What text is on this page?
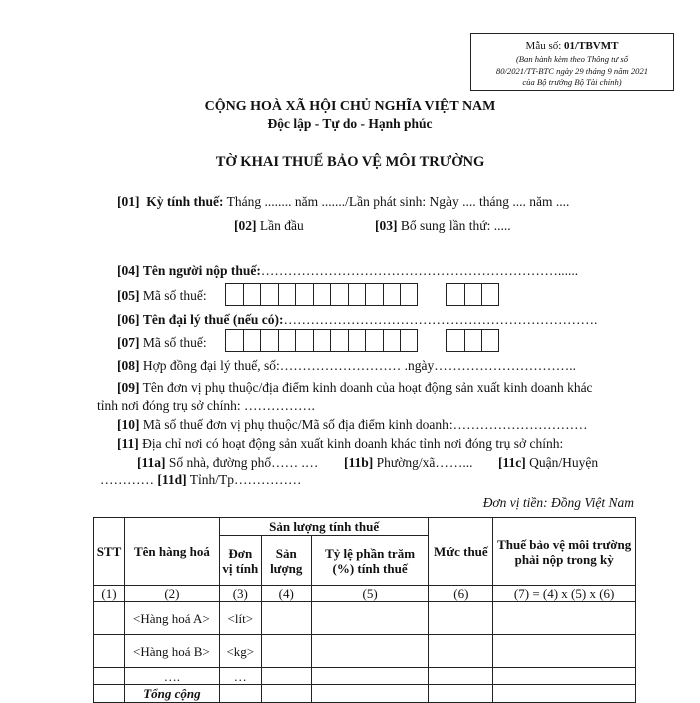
Mẫu số: 01/TBVMT
(Ban hành kèm theo Thông tư số
80/2021/TT-BTC ngày 29 tháng 9 năm 2021
của Bộ trưởng Bộ Tài chính)
CỘNG HOÀ XÃ HỘI CHỦ NGHĨA VIỆT NAM
Độc lập - Tự do - Hạnh phúc
TỜ KHAI THUẾ BẢO VỆ MÔI TRƯỜNG
[01] Kỳ tính thuế: Tháng ........ năm ......./Lần phát sinh: Ngày .... tháng .... năm ....
[02] Lần đầu	[03] Bổ sung lần thứ: .....
[04] Tên người nộp thuế:…………………………………………………………......
[05] Mã số thuế:
[06] Tên đại lý thuế (nếu có):…………………………………………………………….
[07] Mã số thuế:
[08] Hợp đồng đại lý thuế, số:……………………… .ngày…………………………..
[09] Tên đơn vị phụ thuộc/địa điểm kinh doanh của hoạt động sản xuất kinh doanh khác
tỉnh nơi đóng trụ sở chính: …………….
[10] Mã số thuế đơn vị phụ thuộc/Mã số địa điểm kinh doanh:…………………………
[11] Địa chỉ nơi có hoạt động sản xuất kinh doanh khác tỉnh nơi đóng trụ sở chính:
[11a] Số nhà, đường phố…… .… [11b] Phường/xã……... [11c] Quận/Huyện
………… [11d] Tỉnh/Tp……………
Đơn vị tiền: Đồng Việt Nam
STT	Tên hàng hoá	Sản lượng tính thuế			Mức thuế	Thuế bảo vệ môi trường phải nộp trong kỳ
		Đơn vị tính	Sản lượng	Tỷ lệ phần trăm (%) tính thuế		
(1)	(2)	(3)	(4)	(5)	(6)	(7) = (4) x (5) x (6)
	<Hàng hoá A>	<lít>				
	<Hàng hoá B>	<kg>				
	….	…				
	Tổng cộng					
